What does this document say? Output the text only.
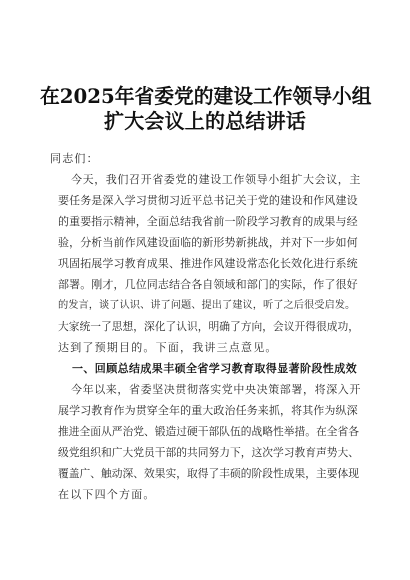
在2025年省委党的建设工作领导小组
扩大会议上的总结讲话
同志们：
今天，我们召开省委党的建设工作领导小组扩大会议，主
要任务是深入学习贯彻习近平总书记关于党的建设和作风建设
的重要指示精神，全面总结我省前一阶段学习教育的成果与经
验，分析当前作风建设面临的新形势新挑战，并对下一步如何
巩固拓展学习教育成果、推进作风建设常态化长效化进行系统
部署。刚才，几位同志结合各自领域和部门的实际，作了很好
的发言，谈了认识、讲了问题、提出了建议，听了之后很受启发。
大家统一了思想，深化了认识，明确了方向，会议开得很成功，
达到了预期目的。下面，我讲三点意见。
一、回顾总结成果丰硕全省学习教育取得显著阶段性成效
今年以来，省委坚决贯彻落实党中央决策部署，将深入开
展学习教育作为贯穿全年的重大政治任务来抓，将其作为纵深
推进全面从严治党、锻造过硬干部队伍的战略性举措。在全省各
级党组织和广大党员干部的共同努力下，这次学习教育声势大、
覆盖广、触动深、效果实，取得了丰硕的阶段性成果，主要体现
在以下四个方面。
